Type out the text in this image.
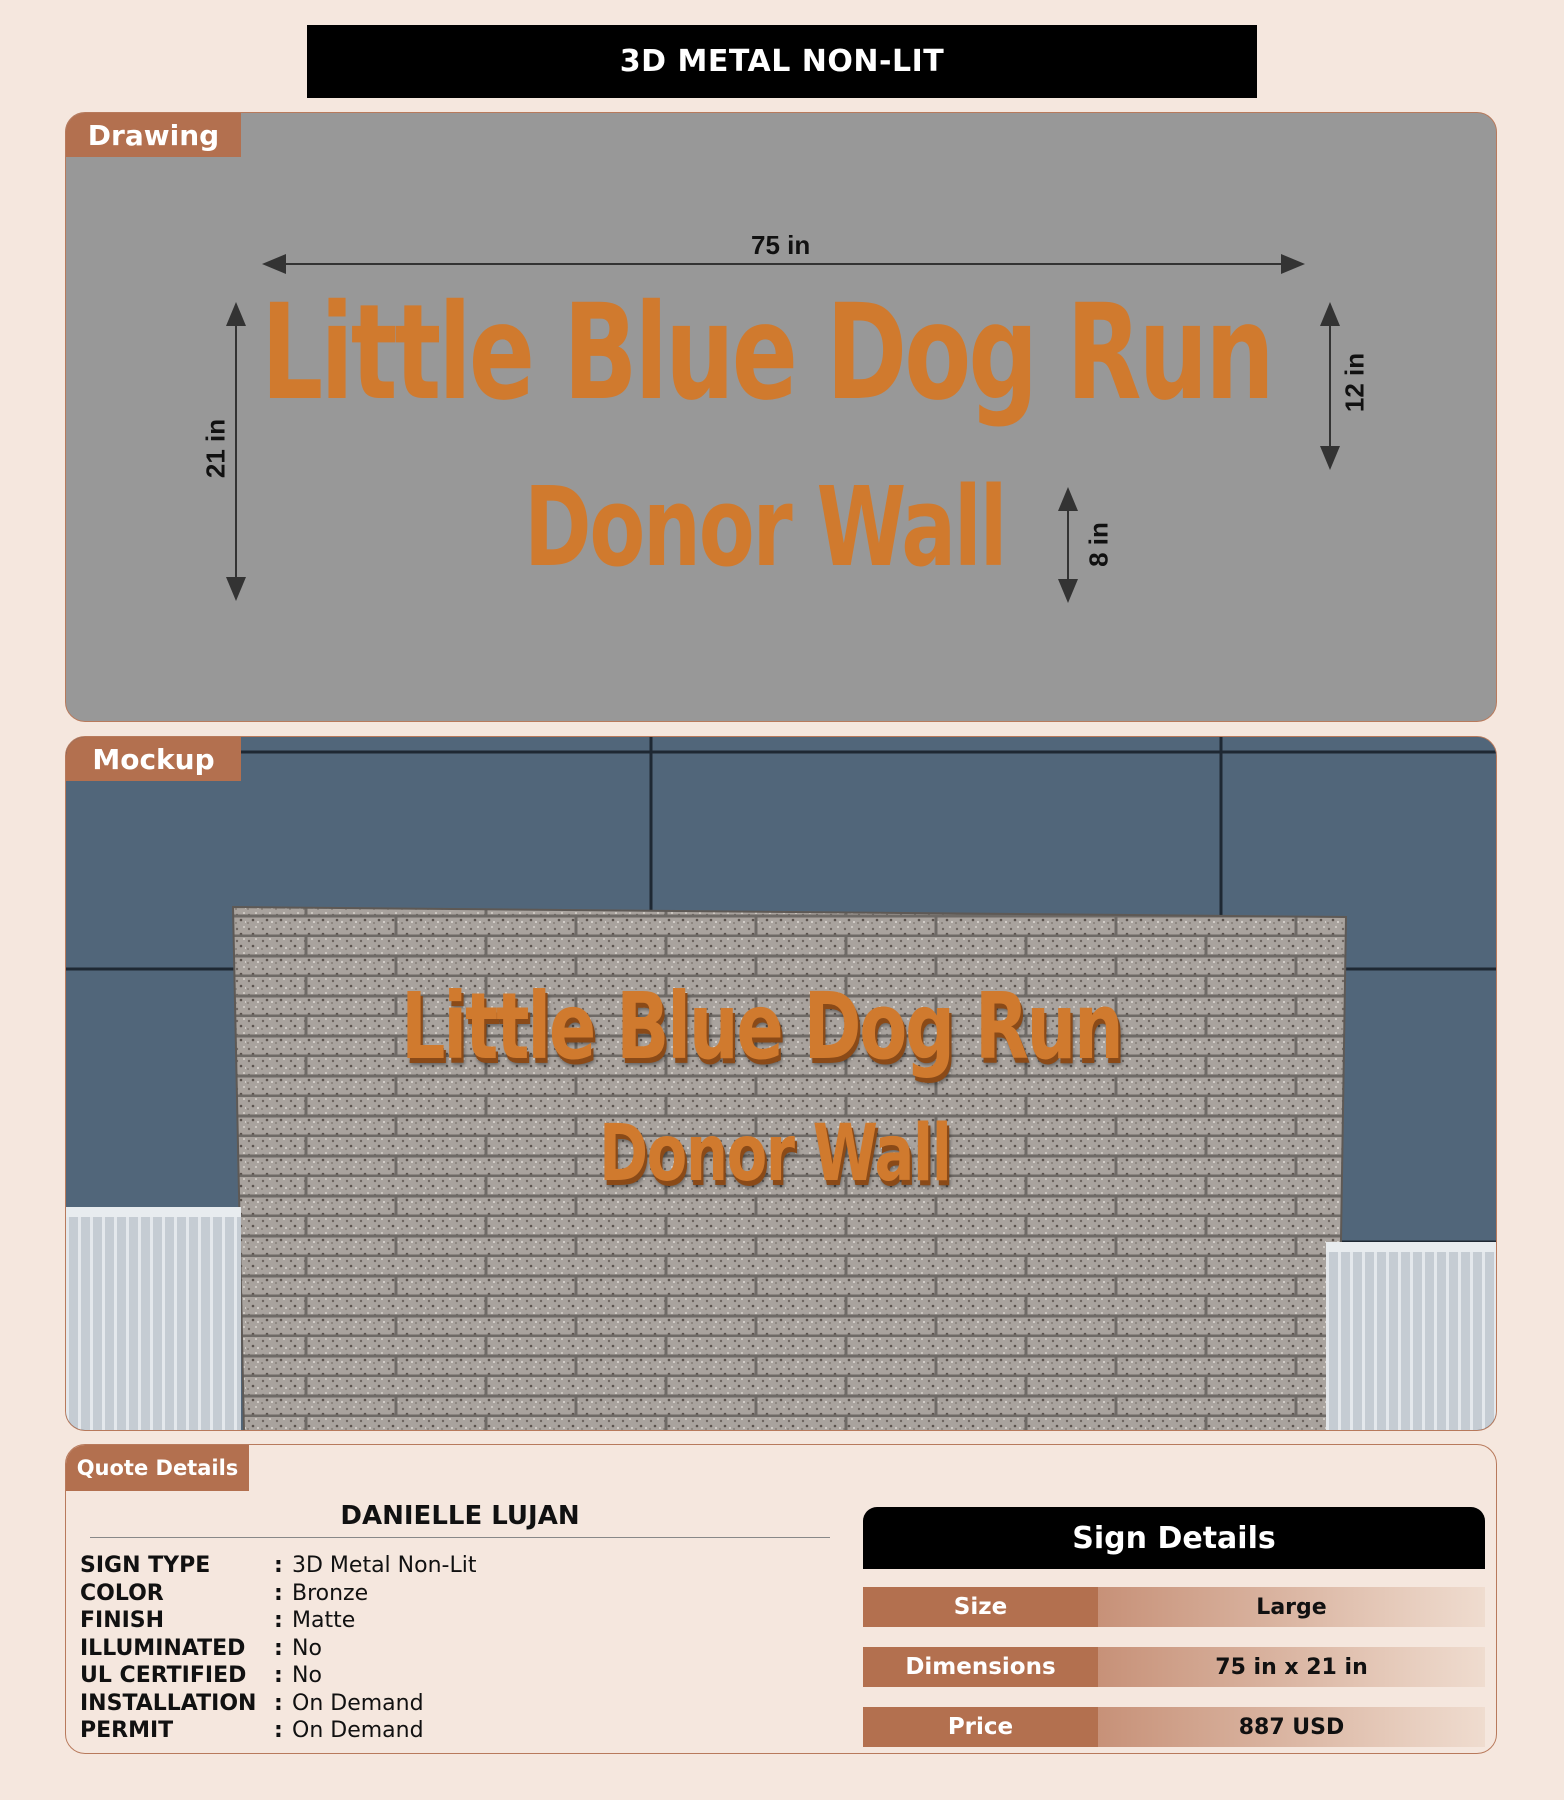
3D METAL NON-LIT
Drawing
75 in
21 in
12 in
8 in
Little Blue Dog Run
Donor Wall
Mockup
Little Blue Dog Run
Donor Wall
Quote Details
DANIELLE LUJAN
SIGN TYPE	: 3D Metal Non-Lit
COLOR	: Bronze
FINISH	: Matte
ILLUMINATED	: No
UL CERTIFIED	: No
INSTALLATION : On Demand
PERMIT	: On Demand
Sign Details
Size	Large
Dimensions	75 in x 21 in
Price	887 USD
